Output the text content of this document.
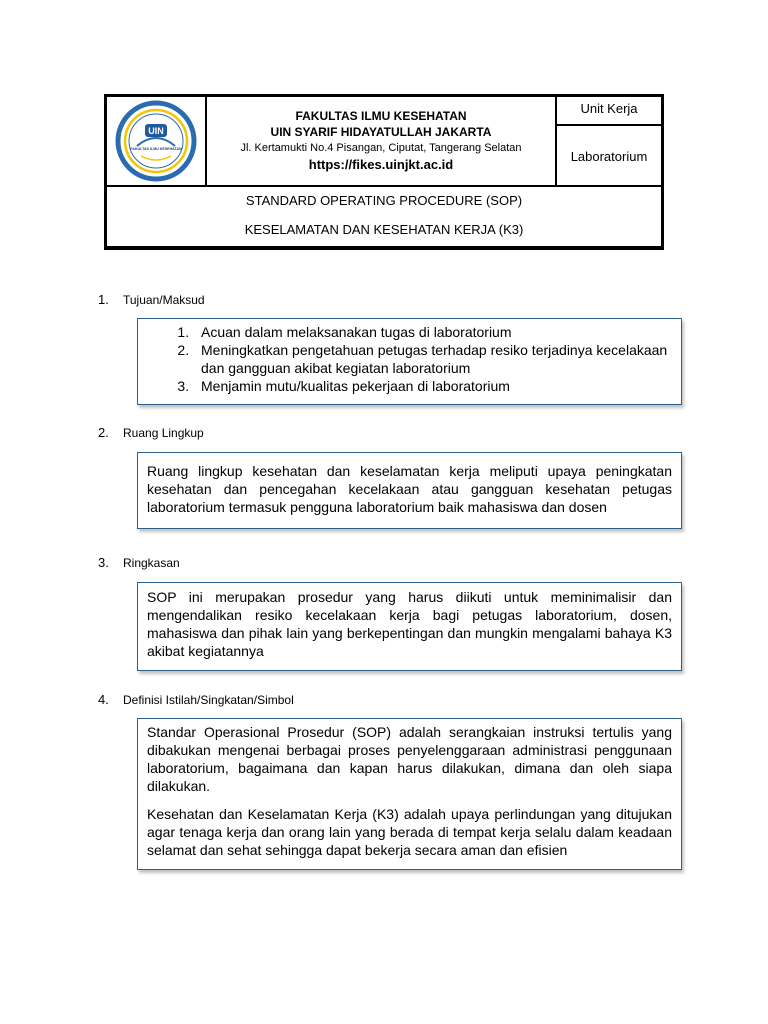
UIN
FAKULTAS ILMU KESEHATAN
FAKULTAS ILMU KESEHATAN
UIN SYARIF HIDAYATULLAH JAKARTA
Jl. Kertamukti No.4 Pisangan, Ciputat, Tangerang Selatan
https://fikes.uinjkt.ac.id
Unit Kerja
Laboratorium
STANDARD OPERATING PROCEDURE (SOP)
KESELAMATAN DAN KESEHATAN KERJA (K3)
1. Tujuan/Maksud
1. Acuan dalam melaksanakan tugas di laboratorium
2. Meningkatkan pengetahuan petugas terhadap resiko terjadinya kecelakaan dan gangguan akibat kegiatan laboratorium
3. Menjamin mutu/kualitas pekerjaan di laboratorium
2. Ruang Lingkup

Ruang lingkup kesehatan dan keselamatan kerja meliputi upaya peningkatan kesehatan dan pencegahan kecelakaan atau gangguan kesehatan petugas laboratorium termasuk pengguna laboratorium baik mahasiswa dan dosen

3. Ringkasan

SOP ini merupakan prosedur yang harus diikuti untuk meminimalisir dan mengendalikan resiko kecelakaan kerja bagi petugas laboratorium, dosen, mahasiswa dan pihak lain yang berkepentingan dan mungkin mengalami bahaya K3 akibat kegiatannya

4. Definisi Istilah/Singkatan/Simbol

Standar Operasional Prosedur (SOP) adalah serangkaian instruksi tertulis yang dibakukan mengenai berbagai proses penyelenggaraan administrasi penggunaan laboratorium, bagaimana dan kapan harus dilakukan, dimana dan oleh siapa dilakukan.

Kesehatan dan Keselamatan Kerja (K3) adalah upaya perlindungan yang ditujukan agar tenaga kerja dan orang lain yang berada di tempat kerja selalu dalam keadaan selamat dan sehat sehingga dapat bekerja secara aman dan efisien
